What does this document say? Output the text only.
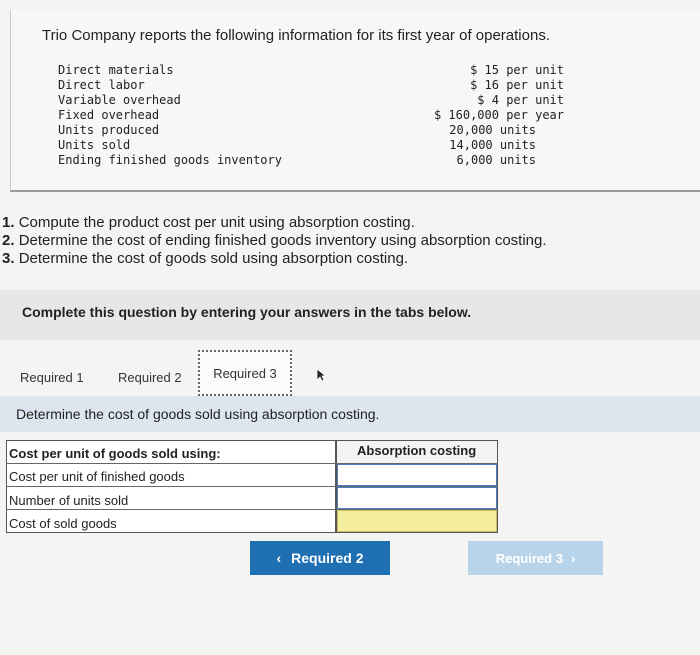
Trio Company reports the following information for its first year of operations.
Direct materials	$ 15 per unit
Direct labor	$ 16 per unit
Variable overhead	$ 4 per unit
Fixed overhead	$ 160,000 per year
Units produced	20,000 units
Units sold	14,000 units
Ending finished goods inventory	6,000 units
1. Compute the product cost per unit using absorption costing.
2. Determine the cost of ending finished goods inventory using absorption costing.
3. Determine the cost of goods sold using absorption costing.
Complete this question by entering your answers in the tabs below.
Required 1	Required 2 Required 3
Determine the cost of goods sold using absorption costing.
Cost per unit of goods sold using:	Absorption costing
Cost per unit of finished goods
Number of units sold
Cost of sold goods
‹ Required 2	Required 3 ›
